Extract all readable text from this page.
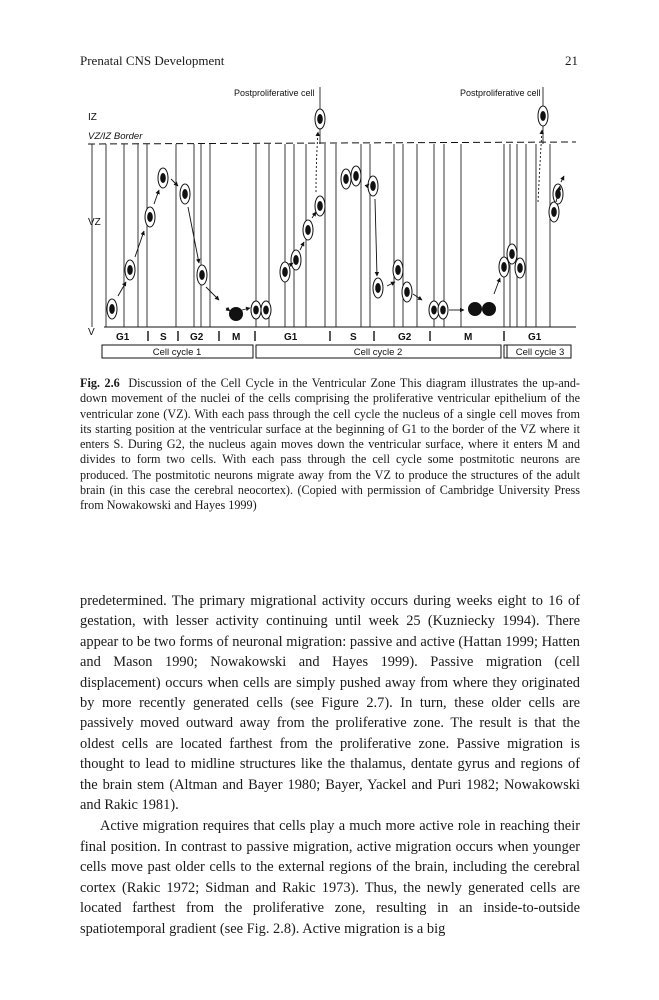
Prenatal CNS Development	21
Postproliferative cell	Postproliferative cell
IZ
VZ/IZ Border
VZ
V G1	S G2	M	G1	S	G2	M	G1
Cell cycle 1	Cell cycle 2	Cell cycle 3
Fig. 2.6 Discussion of the Cell Cycle in the Ventricular Zone This diagram illustrates the up-and-down movement of the nuclei of the cells comprising the proliferative ventricular epithelium of the ventricular zone (VZ). With each pass through the cell cycle the nucleus of a single cell moves from its starting position at the ventricular surface at the beginning of G1 to the border of the VZ where it enters S. During G2, the nucleus again moves down the ventricular surface, where it enters M and divides to form two cells. With each pass through the cell cycle some postmitotic neurons are produced. The postmitotic neurons migrate away from the VZ to produce the structures of the adult brain (in this case the cerebral neocortex). (Copied with permission of Cambridge University Press from Nowakowski and Hayes 1999)

predetermined. The primary migrational activity occurs during weeks eight to 16 of gestation, with lesser activity continuing until week 25 (Kuzniecky 1994). There appear to be two forms of neuronal migration: passive and active (Hattan 1999; Hatten and Mason 1990; Nowakowski and Hayes 1999). Passive migration (cell displacement) occurs when cells are simply pushed away from where they originated by more recently generated cells (see Figure 2.7). In turn, these older cells are passively moved outward away from the proliferative zone. The result is that the oldest cells are located farthest from the proliferative zone. Passive migration is thought to lead to midline structures like the thalamus, dentate gyrus and regions of the brain stem (Altman and Bayer 1980; Bayer, Yackel and Puri 1982; Nowakowski and Rakic 1981).

Active migration requires that cells play a much more active role in reaching their final position. In contrast to passive migration, active migration occurs when younger cells move past older cells to the external regions of the brain, including the cerebral cortex (Rakic 1972; Sidman and Rakic 1973). Thus, the newly generated cells are located farthest from the proliferative zone, resulting in an inside-to-outside spatiotemporal gradient (see Fig. 2.8). Active migration is a big
